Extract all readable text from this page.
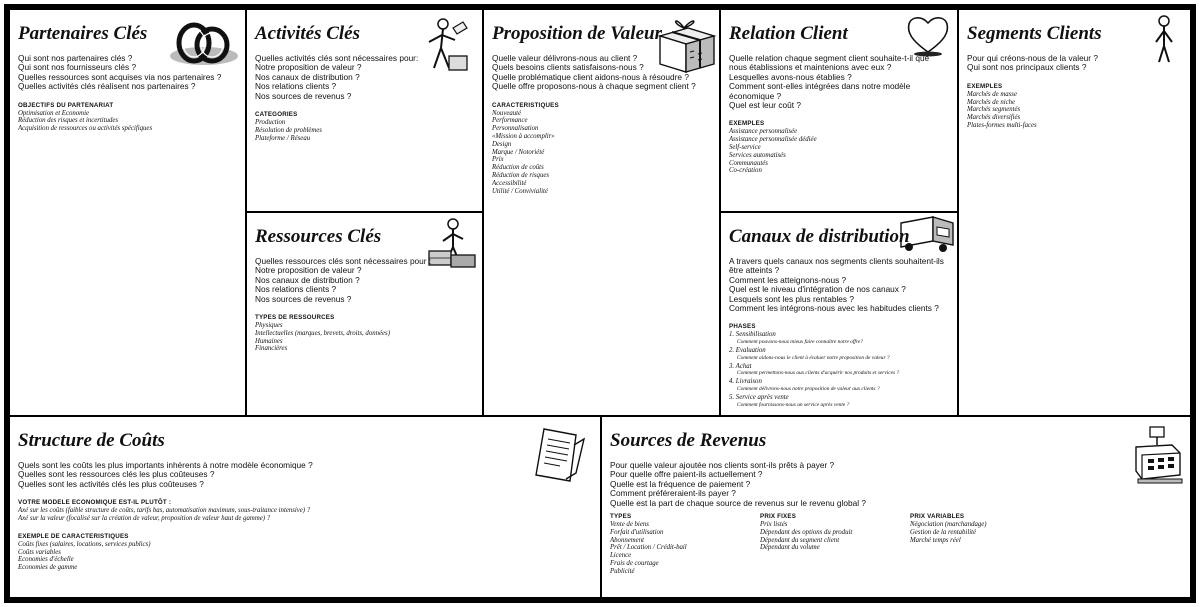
Partenaires Clés
Qui sont nos partenaires clés ?
Qui sont nos fournisseurs clés ?
Quelles ressources sont acquises via nos partenaires ?
Quelles activités clés réalisent nos partenaires ?
OBJECTIFS DU PARTENARIAT
Optimisation et Economie
Réduction des risques et incertitudes
Acquisition de ressources ou activités spécifiques
Activités Clés
Quelles activités clés sont nécessaires pour:
Notre proposition de valeur ?
Nos canaux de distribution ?
Nos relations clients ?
Nos sources de revenus ?
CATEGORIES
Production
Résolution de problèmes
Plateforme / Réseau
Ressources Clés
Quelles ressources clés sont nécessaires pour :
Notre proposition de valeur ?
Nos canaux de distribution ?
Nos relations clients ?
Nos sources de revenus ?
TYPES DE RESSOURCES
Physiques
Intellectuelles (marques, brevets, droits, données)
Humaines
Financières
Proposition de Valeur
Quelle valeur délivrons-nous au client ?
Quels besoins clients satisfaisons-nous ?
Quelle problématique client aidons-nous à résoudre ?
Quelle offre proposons-nous à chaque segment client ?
CARACTERISTIQUES
Nouveauté
Performance
Personnalisation
«Mission à accomplir»
Design
Marque / Notoriété
Prix
Réduction de coûts
Réduction de risques
Accessibilité
Utilité / Convivialité
Relation Client
Quelle relation chaque segment client souhaite-t-il que nous établissions et maintenions avec eux ?
Lesquelles avons-nous établies ?
Comment sont-elles intégrées dans notre modèle économique ?
Quel est leur coût ?
EXEMPLES
Assistance personnalisée
Assistance personnalisée dédiée
Self-service
Services automatisés
Communautés
Co-création
Canaux de distribution
A travers quels canaux nos segments clients souhaitent-ils être atteints ?
Comment les atteignons-nous ?
Quel est le niveau d'intégration de nos canaux ?
Lesquels sont les plus rentables ?
Comment les intégrons-nous avec les habitudes clients ?
PHASES
1. Sensibilisation
Comment pouvons-nous mieux faire connaître notre offre?
2. Evaluation
Comment aidons-nous le client à évaluer notre proposition de valeur ?
3. Achat
Comment permettons-nous aux clients d'acquérir nos produits et services ?
4. Livraison
Comment délivrons-nous notre proposition de valeur aux clients ?
5. Service après vente
Comment fournissons-nous un service après vente ?
Segments Clients
Pour qui créons-nous de la valeur ?
Qui sont nos principaux clients ?
EXEMPLES
Marchés de masse
Marchés de niche
Marchés segmentés
Marchés diversifiés
Plates-formes multi-faces
Structure de Coûts
Quels sont les coûts les plus importants inhérents à notre modèle économique ?
Quelles sont les ressources clés les plus coûteuses ?
Quelles sont les activités clés les plus coûteuses ?
VOTRE MODELE ECONOMIQUE EST-IL PLUTÔT :
Axé sur les coûts (faible structure de coûts, tarifs bas, automatisation maximum, sous-traitance intensive) ?
Axé sur la valeur (focalisé sur la création de valeur, proposition de valeur haut de gamme) ?
EXEMPLE DE CARACTERISTIQUES
Coûts fixes (salaires, locations, services publics)
Coûts variables
Economies d'échelle
Economies de gamme
Sources de Revenus
Pour quelle valeur ajoutée nos clients sont-ils prêts à payer ?
Pour quelle offre paient-ils actuellement ?
Quelle est la fréquence de paiement ?
Comment préféreraient-ils payer ?
Quelle est la part de chaque source de revenus sur le revenu global ?
TYPES
Vente de biens
Forfait d'utilisation
Abonnement
Prêt / Location / Crédit-bail
Licence
Frais de courtage
Publicité
PRIX FIXES
Prix listés
Dépendant des options du produit
Dépendant du segment client
Dépendant du volume
PRIX VARIABLES
Négociation (marchandage)
Gestion de la rentabilité
Marché temps réel
